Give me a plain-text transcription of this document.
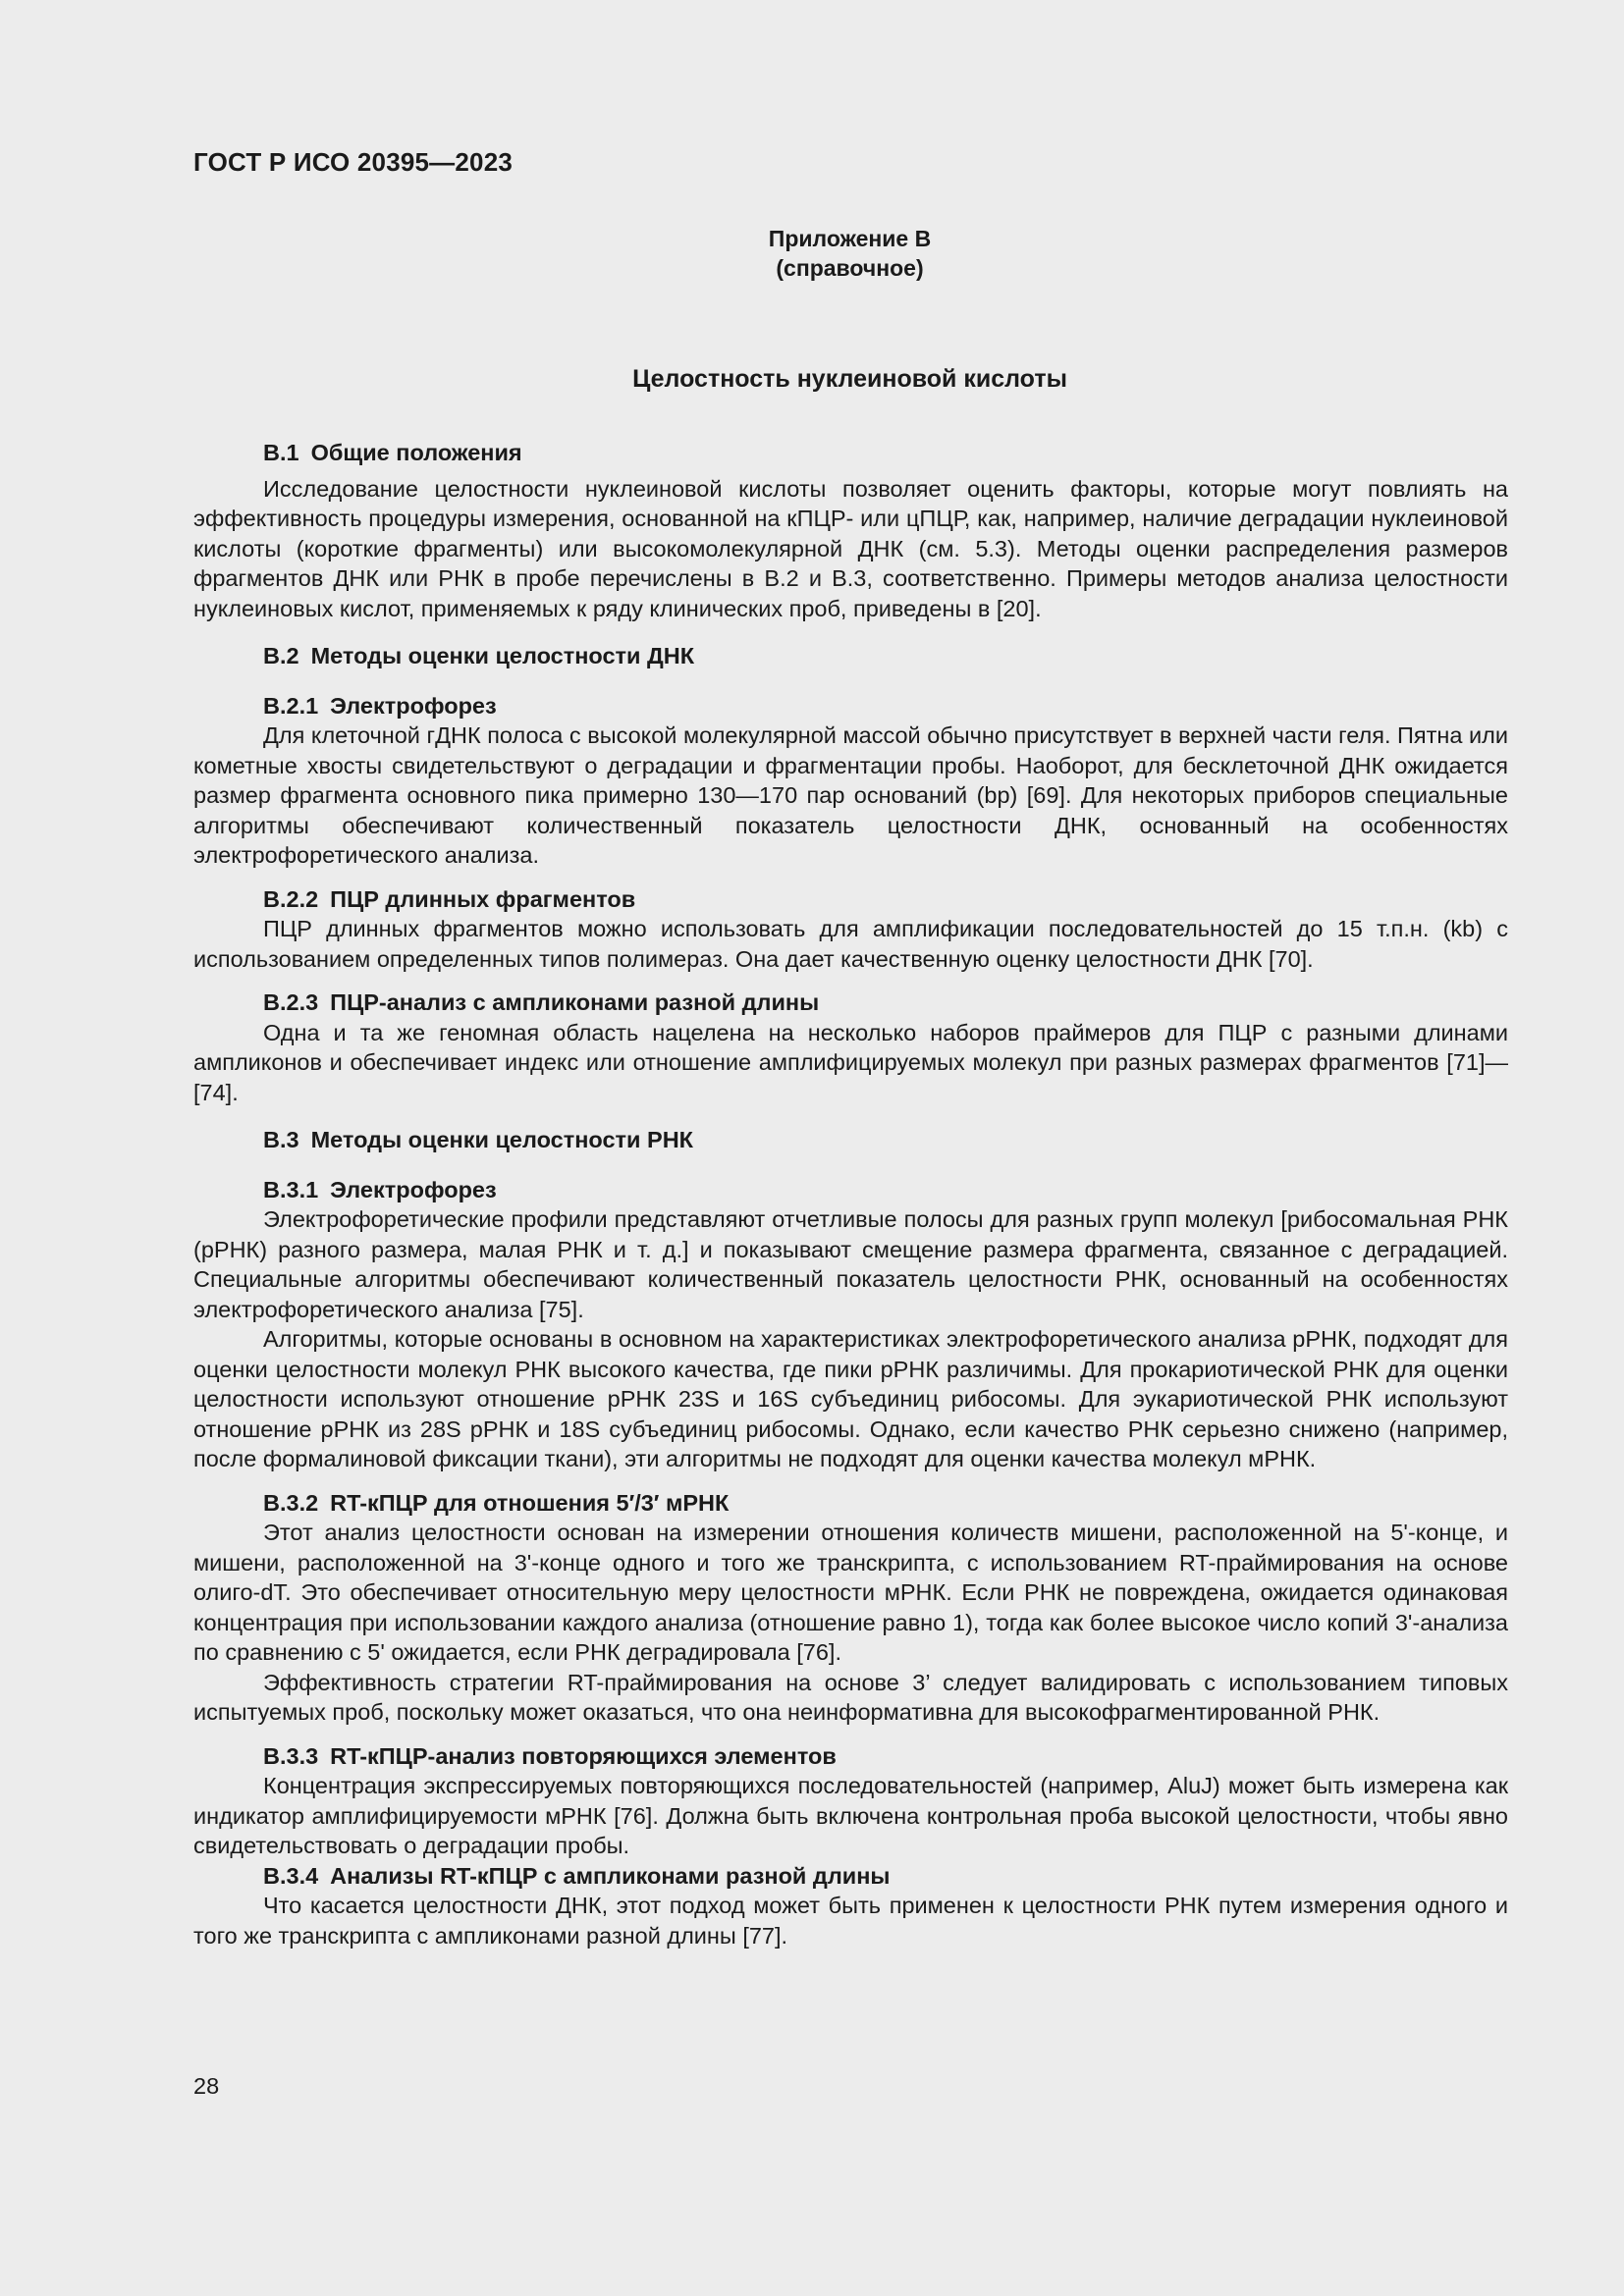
ГОСТ Р ИСО 20395—2023
Приложение В
(справочное)
Целостность нуклеиновой кислоты
В.1 Общие положения

Исследование целостности нуклеиновой кислоты позволяет оценить факторы, которые могут повлиять на эффективность процедуры измерения, основанной на кПЦР- или цПЦР, как, например, наличие деградации нуклеиновой кислоты (короткие фрагменты) или высокомолекулярной ДНК (см. 5.3). Методы оценки распределения размеров фрагментов ДНК или РНК в пробе перечислены в В.2 и В.3, соответственно. Примеры методов анализа целостности нуклеиновых кислот, применяемых к ряду клинических проб, приведены в [20].

В.2 Методы оценки целостности ДНК
В.2.1 Электрофорез

Для клеточной гДНК полоса с высокой молекулярной массой обычно присутствует в верхней части геля. Пятна или кометные хвосты свидетельствуют о деградации и фрагментации пробы. Наоборот, для бесклеточной ДНК ожидается размер фрагмента основного пика примерно 130—170 пар оснований (bp) [69]. Для некоторых приборов специальные алгоритмы обеспечивают количественный показатель целостности ДНК, основанный на особенностях электрофоретического анализа.

В.2.2 ПЦР длинных фрагментов

ПЦР длинных фрагментов можно использовать для амплификации последовательностей до 15 т.п.н. (kb) с использованием определенных типов полимераз. Она дает качественную оценку целостности ДНК [70].

В.2.3 ПЦР-анализ с ампликонами разной длины

Одна и та же геномная область нацелена на несколько наборов праймеров для ПЦР с разными длинами ампликонов и обеспечивает индекс или отношение амплифицируемых молекул при разных размерах фрагментов [71]—[74].

В.3 Методы оценки целостности РНК
В.3.1 Электрофорез

Электрофоретические профили представляют отчетливые полосы для разных групп молекул [рибосомальная РНК (рРНК) разного размера, малая РНК и т. д.] и показывают смещение размера фрагмента, связанное с деградацией. Специальные алгоритмы обеспечивают количественный показатель целостности РНК, основанный на особенностях электрофоретического анализа [75].

Алгоритмы, которые основаны в основном на характеристиках электрофоретического анализа рРНК, подходят для оценки целостности молекул РНК высокого качества, где пики рРНК различимы. Для прокариотической РНК для оценки целостности используют отношение рРНК 23S и 16S субъединиц рибосомы. Для эукариотической РНК используют отношение рРНК из 28S рРНК и 18S субъединиц рибосомы. Однако, если качество РНК серьезно снижено (например, после формалиновой фиксации ткани), эти алгоритмы не подходят для оценки качества молекул мРНК.

В.3.2 RT-кПЦР для отношения 5′/3′ мРНК

Этот анализ целостности основан на измерении отношения количеств мишени, расположенной на 5'-конце, и мишени, расположенной на 3'-конце одного и того же транскрипта, с использованием RT-праймирования на основе олиго-dT. Это обеспечивает относительную меру целостности мРНК. Если РНК не повреждена, ожидается одинаковая концентрация при использовании каждого анализа (отношение равно 1), тогда как более высокое число копий 3'-анализа по сравнению с 5' ожидается, если РНК деградировала [76].

Эффективность стратегии RT-праймирования на основе 3’ следует валидировать с использованием типовых испытуемых проб, поскольку может оказаться, что она неинформативна для высокофрагментированной РНК.

В.3.3 RT-кПЦР-анализ повторяющихся элементов

Концентрация экспрессируемых повторяющихся последовательностей (например, AluJ) может быть измерена как индикатор амплифицируемости мРНК [76]. Должна быть включена контрольная проба высокой целостности, чтобы явно свидетельствовать о деградации пробы.

В.3.4 Анализы RT-кПЦР с ампликонами разной длины

Что касается целостности ДНК, этот подход может быть применен к целостности РНК путем измерения одного и того же транскрипта с ампликонами разной длины [77].

28
